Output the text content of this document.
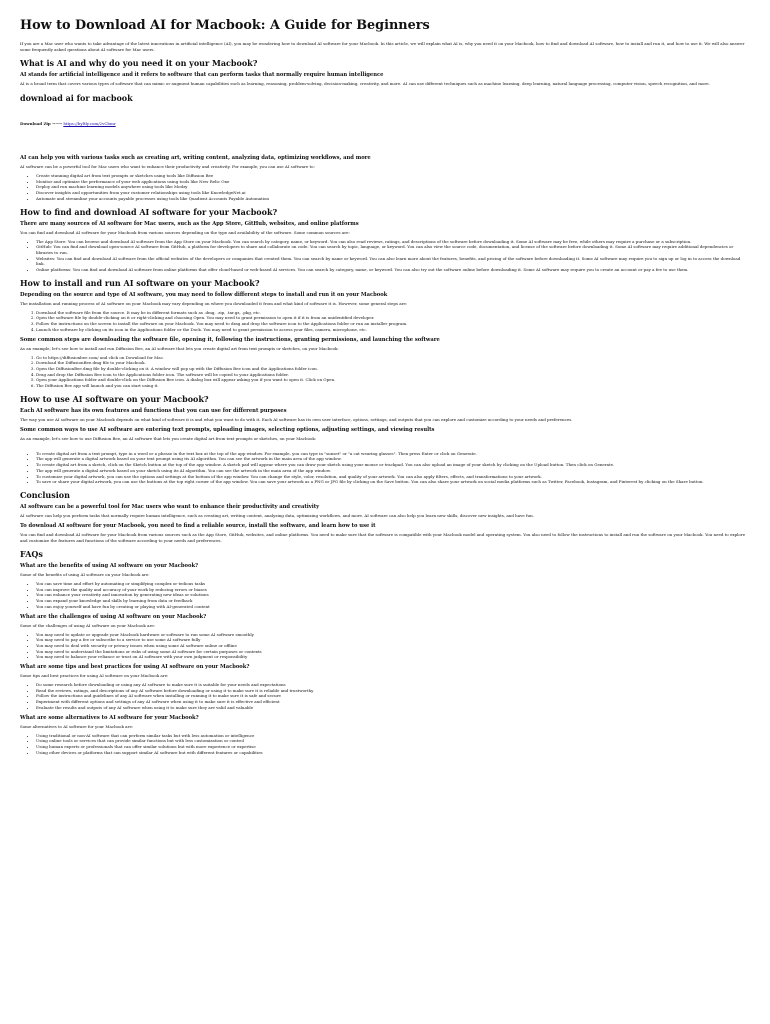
How to Download AI for Macbook: A Guide for Beginners

If you are a Mac user who wants to take advantage of the latest innovations in artificial intelligence (AI), you may be wondering how to download AI software for your Macbook. In this article, we will explain what AI is, why you need it on your Macbook, how to find and download AI software, how to install and run it, and how to use it. We will also answer some frequently asked questions about AI software for Mac users.

What is AI and why do you need it on your Macbook?
AI stands for artificial intelligence and it refers to software that can perform tasks that normally require human intelligence

AI is a broad term that covers various types of software that can mimic or augment human capabilities such as learning, reasoning, problem-solving, decision-making, creativity, and more. AI can use different techniques such as machine learning, deep learning, natural language processing, computer vision, speech recognition, and more.

download ai for macbook
Download Zip →→→ https://byltly.com/2vCbmr
AI can help you with various tasks such as creating art, writing content, analyzing data, optimizing workflows, and more

AI software can be a powerful tool for Mac users who want to enhance their productivity and creativity. For example, you can use AI software to:

• Create stunning digital art from text prompts or sketches using tools like Diffusion Bee
• Monitor and optimize the performance of your web applications using tools like New Relic One
• Deploy and run machine learning models anywhere using tools like Modzy
• Discover insights and opportunities from your customer relationships using tools like KnowledgeNet.ai
• Automate and streamline your accounts payable processes using tools like Quadient Accounts Payable Automation
How to find and download AI software for your Macbook?
There are many sources of AI software for Mac users, such as the App Store, GitHub, websites, and online platforms

You can find and download AI software for your Macbook from various sources depending on the type and availability of the software. Some common sources are:

• The App Store: You can browse and download AI software from the App Store on your Macbook. You can search by category, name, or keyword. You can also read reviews, ratings, and descriptions of the software before downloading it. Some AI software may be free, while others may require a purchase or a subscription.
• GitHub: You can find and download open-source AI software from GitHub, a platform for developers to share and collaborate on code. You can search by topic, language, or keyword. You can also view the source code, documentation, and license of the software before downloading it. Some AI software may require additional dependencies or libraries to run.
• Websites: You can find and download AI software from the official websites of the developers or companies that created them. You can search by name or keyword. You can also learn more about the features, benefits, and pricing of the software before downloading it. Some AI software may require you to sign up or log in to access the download link.
• Online platforms: You can find and download AI software from online platforms that offer cloud-based or web-based AI services. You can search by category, name, or keyword. You can also try out the software online before downloading it. Some AI software may require you to create an account or pay a fee to use them.
How to install and run AI software on your Macbook?
Depending on the source and type of AI software, you may need to follow different steps to install and run it on your Macbook

The installation and running process of AI software on your Macbook may vary depending on where you downloaded it from and what kind of software it is. However, some general steps are:

1. Download the software file from the source. It may be in different formats such as .dmg, .zip, .tar.gz, .pkg, etc.
2. Open the software file by double-clicking on it or right-clicking and choosing Open. You may need to grant permission to open it if it is from an unidentified developer.
3. Follow the instructions on the screen to install the software on your Macbook. You may need to drag and drop the software icon to the Applications folder or run an installer program.
4. Launch the software by clicking on its icon in the Applications folder or the Dock. You may need to grant permission to access your files, camera, microphone, etc.
Some common steps are downloading the software file, opening it, following the instructions, granting permissions, and launching the software

As an example, let's see how to install and run Diffusion Bee, an AI software that lets you create digital art from text prompts or sketches, on your Macbook:

1. Go to https://diffusionbee.com/ and click on Download for Mac.
2. Download the DiffusionBee.dmg file to your Macbook.
3. Open the DiffusionBee.dmg file by double-clicking on it. A window will pop up with the Diffusion Bee icon and the Applications folder icon.
4. Drag and drop the Diffusion Bee icon to the Applications folder icon. The software will be copied to your Applications folder.
5. Open your Applications folder and double-click on the Diffusion Bee icon. A dialog box will appear asking you if you want to open it. Click on Open.
6. The Diffusion Bee app will launch and you can start using it.
How to use AI software on your Macbook?
Each AI software has its own features and functions that you can use for different purposes

The way you use AI software on your Macbook depends on what kind of software it is and what you want to do with it. Each AI software has its own user interface, options, settings, and outputs that you can explore and customize according to your needs and preferences.

Some common ways to use AI software are entering text prompts, uploading images, selecting options, adjusting settings, and viewing results

As an example, let's see how to use Diffusion Bee, an AI software that lets you create digital art from text prompts or sketches, on your Macbook:

• To create digital art from a text prompt, type in a word or a phrase in the text box at the top of the app window. For example, you can type in "sunset" or "a cat wearing glasses". Then press Enter or click on Generate.
• The app will generate a digital artwork based on your text prompt using its AI algorithm. You can see the artwork in the main area of the app window.
• To create digital art from a sketch, click on the Sketch button at the top of the app window. A sketch pad will appear where you can draw your sketch using your mouse or trackpad. You can also upload an image of your sketch by clicking on the Upload button. Then click on Generate.
• The app will generate a digital artwork based on your sketch using its AI algorithm. You can see the artwork in the main area of the app window.
• To customize your digital artwork, you can use the options and settings at the bottom of the app window. You can change the style, color, resolution, and quality of your artwork. You can also apply filters, effects, and transformations to your artwork.
• To save or share your digital artwork, you can use the buttons at the top right corner of the app window. You can save your artwork as a PNG or JPG file by clicking on the Save button. You can also share your artwork on social media platforms such as Twitter, Facebook, Instagram, and Pinterest by clicking on the Share button.
Conclusion
AI software can be a powerful tool for Mac users who want to enhance their productivity and creativity

AI software can help you perform tasks that normally require human intelligence, such as creating art, writing content, analyzing data, optimizing workflows, and more. AI software can also help you learn new skills, discover new insights, and have fun.

To download AI software for your Macbook, you need to find a reliable source, install the software, and learn how to use it

You can find and download AI software for your Macbook from various sources such as the App Store, GitHub, websites, and online platforms. You need to make sure that the software is compatible with your Macbook model and operating system. You also need to follow the instructions to install and run the software on your Macbook. You need to explore and customize the features and functions of the software according to your needs and preferences.

FAQs
What are the benefits of using AI software on your Macbook?

Some of the benefits of using AI software on your Macbook are:

• You can save time and effort by automating or simplifying complex or tedious tasks
• You can improve the quality and accuracy of your work by reducing errors or biases
• You can enhance your creativity and innovation by generating new ideas or solutions
• You can expand your knowledge and skills by learning from data or feedback
• You can enjoy yourself and have fun by creating or playing with AI-generated content
What are the challenges of using AI software on your Macbook?

Some of the challenges of using AI software on your Macbook are:

• You may need to update or upgrade your Macbook hardware or software to run some AI software smoothly
• You may need to pay a fee or subscribe to a service to use some AI software fully
• You may need to deal with security or privacy issues when using some AI software online or offline
• You may need to understand the limitations or risks of using some AI software for certain purposes or contexts
• You may need to balance your reliance or trust on AI software with your own judgment or responsibility
What are some tips and best practices for using AI software on your Macbook?

Some tips and best practices for using AI software on your Macbook are:

• Do some research before downloading or using any AI software to make sure it is suitable for your needs and expectations
• Read the reviews, ratings, and descriptions of any AI software before downloading or using it to make sure it is reliable and trustworthy
• Follow the instructions and guidelines of any AI software when installing or running it to make sure it is safe and secure
• Experiment with different options and settings of any AI software when using it to make sure it is effective and efficient
• Evaluate the results and outputs of any AI software when using it to make sure they are valid and valuable
What are some alternatives to AI software for your Macbook?

Some alternatives to AI software for your Macbook are:

• Using traditional or non-AI software that can perform similar tasks but with less automation or intelligence
• Using online tools or services that can provide similar functions but with less customization or control
• Using human experts or professionals that can offer similar solutions but with more experience or expertise
• Using other devices or platforms that can support similar AI software but with different features or capabilities
